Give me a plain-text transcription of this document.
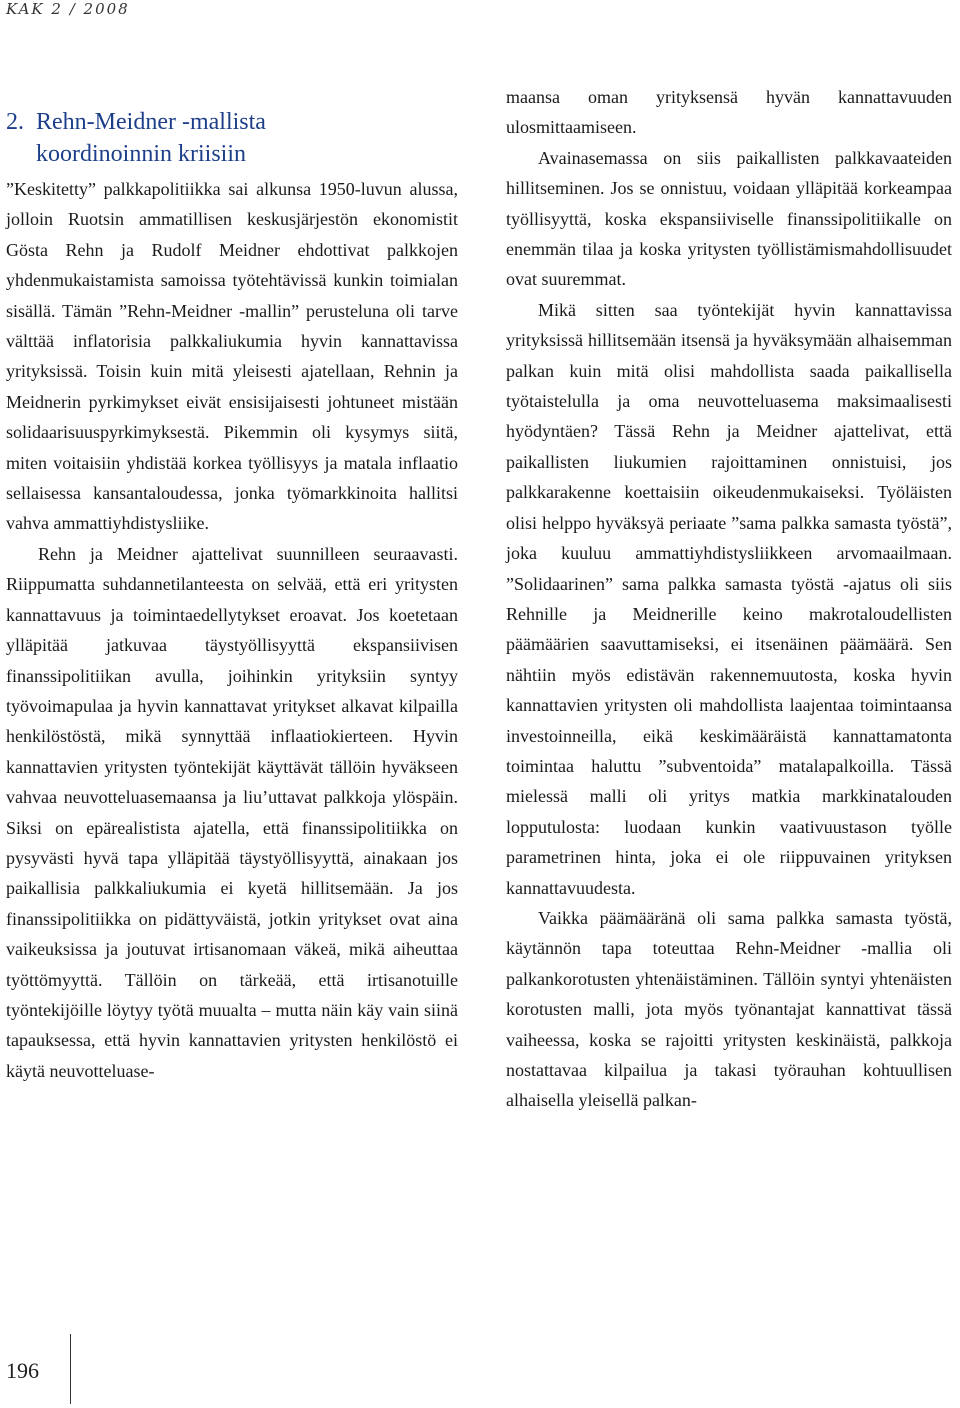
KAK 2 / 2008
2. Rehn-Meidner -mallista
koordinoinnin kriisiin

”Keskitetty” palkkapolitiikka sai alkunsa 1950-luvun alussa, jolloin Ruotsin ammatillisen keskusjärjestön ekonomistit Gösta Rehn ja Rudolf Meidner ehdottivat palkkojen yhdenmukaistamista samoissa työtehtävissä kunkin toimialan sisällä. Tämän ”Rehn-Meidner -mallin” perusteluna oli tarve välttää inflatorisia palkkaliukumia hyvin kannattavissa yrityksissä. Toisin kuin mitä yleisesti ajatellaan, Rehnin ja Meidnerin pyrkimykset eivät ensisijaisesti johtuneet mistään solidaarisuuspyrkimyksestä. Pikemmin oli kysymys siitä, miten voitaisiin yhdistää korkea työllisyys ja matala inflaatio sellaisessa kansantaloudessa, jonka työmarkkinoita hallitsi vahva ammattiyhdistysliike.

Rehn ja Meidner ajattelivat suunnilleen seuraavasti. Riippumatta suhdannetilanteesta on selvää, että eri yritysten kannattavuus ja toimintaedellytykset eroavat. Jos koetetaan ylläpitää jatkuvaa täystyöllisyyttä ekspansiivisen finanssipolitiikan avulla, joihinkin yrityksiin syntyy työvoimapulaa ja hyvin kannattavat yritykset alkavat kilpailla henkilöstöstä, mikä synnyttää inflaatiokierteen. Hyvin kannattavien yritysten työntekijät käyttävät tällöin hyväkseen vahvaa neuvotteluasemaansa ja liu’uttavat palkkoja ylöspäin. Siksi on epärealistista ajatella, että finanssipolitiikka on pysyvästi hyvä tapa ylläpitää täystyöllisyyttä, ainakaan jos paikallisia palkkaliukumia ei kyetä hillitsemään. Ja jos finanssipolitiikka on pidättyväistä, jotkin yritykset ovat aina vaikeuksissa ja joutuvat irtisanomaan väkeä, mikä aiheuttaa työttömyyttä. Tällöin on tärkeää, että irtisanotuille työntekijöille löytyy työtä muualta – mutta näin käy vain siinä tapauksessa, että hyvin kannattavien yritysten henkilöstö ei käytä neuvotteluase-

maansa oman yrityksensä hyvän kannattavuuden ulosmittaamiseen.

Avainasemassa on siis paikallisten palkkavaateiden hillitseminen. Jos se onnistuu, voidaan ylläpitää korkeampaa työllisyyttä, koska ekspansiiviselle finanssipolitiikalle on enemmän tilaa ja koska yritysten työllistämismahdollisuudet ovat suuremmat.

Mikä sitten saa työntekijät hyvin kannattavissa yrityksissä hillitsemään itsensä ja hyväksymään alhaisemman palkan kuin mitä olisi mahdollista saada paikallisella työtaistelulla ja oma neuvotteluasema maksimaalisesti hyödyntäen? Tässä Rehn ja Meidner ajattelivat, että paikallisten liukumien rajoittaminen onnistuisi, jos palkkarakenne koettaisiin oikeudenmukaiseksi. Työläisten olisi helppo hyväksyä periaate ”sama palkka samasta työstä”, joka kuuluu ammattiyhdistysliikkeen arvomaailmaan. ”Solidaarinen” sama palkka samasta työstä -ajatus oli siis Rehnille ja Meidnerille keino makrotaloudellisten päämäärien saavuttamiseksi, ei itsenäinen päämäärä. Sen nähtiin myös edistävän rakennemuutosta, koska hyvin kannattavien yritysten oli mahdollista laajentaa toimintaansa investoinneilla, eikä keskimääräistä kannattamatonta toimintaa haluttu ”subventoida” matalapalkoilla. Tässä mielessä malli oli yritys matkia markkinatalouden lopputulosta: luodaan kunkin vaativuustason työlle parametrinen hinta, joka ei ole riippuvainen yrityksen kannattavuudesta.

Vaikka päämääränä oli sama palkka samasta työstä, käytännön tapa toteuttaa Rehn-Meidner -mallia oli palkankorotusten yhtenäistäminen. Tällöin syntyi yhtenäisten korotusten malli, jota myös työnantajat kannattivat tässä vaiheessa, koska se rajoitti yritysten keskinäistä, palkkoja nostattavaa kilpailua ja takasi työrauhan kohtuullisen alhaisella yleisellä palkan-

196
